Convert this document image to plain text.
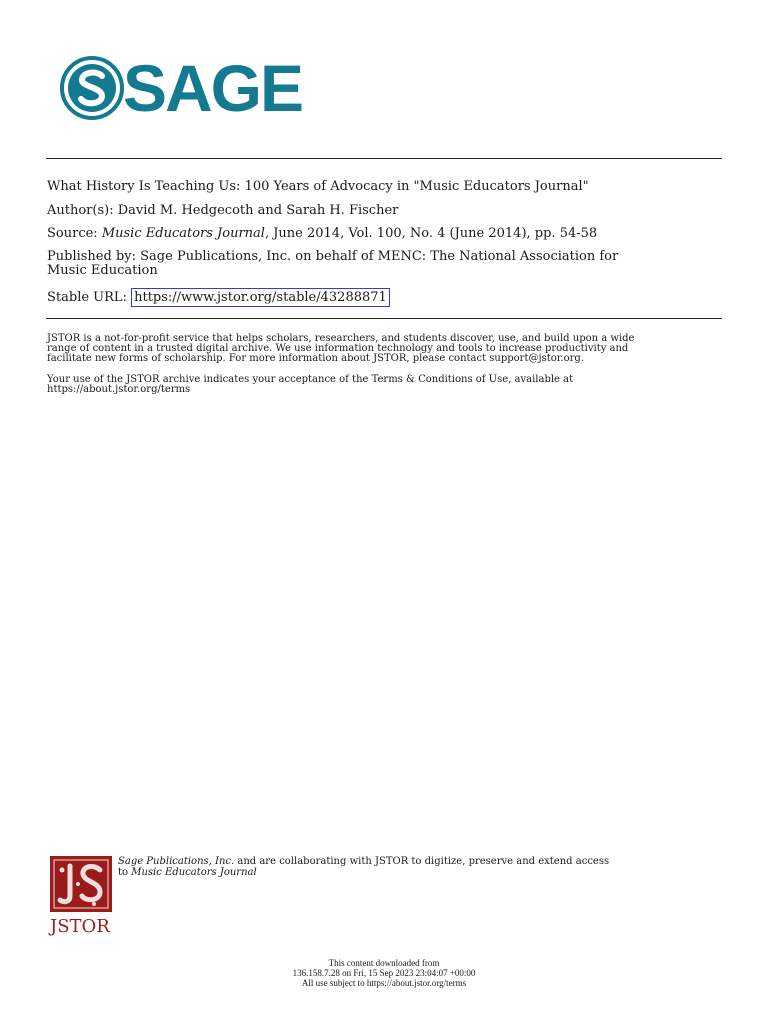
SAGE
What History Is Teaching Us: 100 Years of Advocacy in "Music Educators Journal"
Author(s): David M. Hedgecoth and Sarah H. Fischer
Source: Music Educators Journal, June 2014, Vol. 100, No. 4 (June 2014), pp. 54-58
Published by: Sage Publications, Inc. on behalf of MENC: The National Association for
Music Education
Stable URL: https://www.jstor.org/stable/43288871
JSTOR is a not-for-profit service that helps scholars, researchers, and students discover, use, and build upon a wide
range of content in a trusted digital archive. We use information technology and tools to increase productivity and
facilitate new forms of scholarship. For more information about JSTOR, please contact support@jstor.org.
Your use of the JSTOR archive indicates your acceptance of the Terms & Conditions of Use, available at
https://about.jstor.org/terms
JSTOR
Sage Publications, Inc. and are collaborating with JSTOR to digitize, preserve and extend access
to Music Educators Journal
This content downloaded from
136.158.7.28 on Fri, 15 Sep 2023 23:04:07 +00:00
All use subject to https://about.jstor.org/terms
